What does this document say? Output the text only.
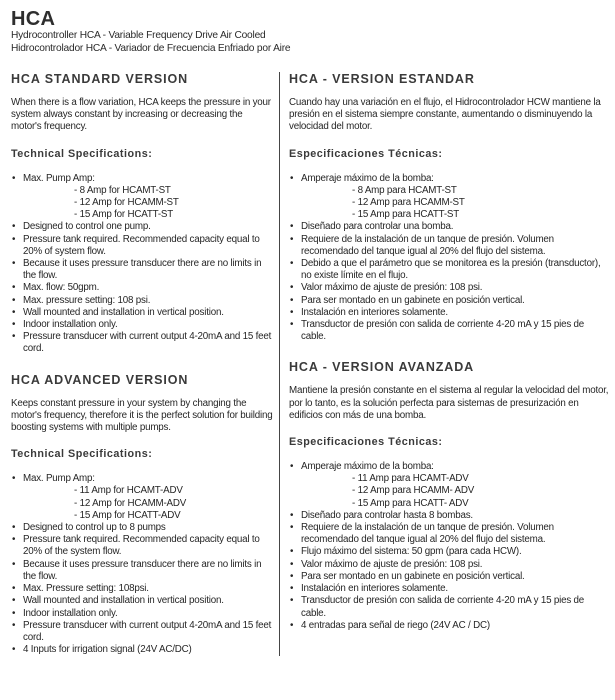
HCA
Hydrocontroller HCA - Variable Frequency Drive Air Cooled
Hidrocontrolador HCA - Variador de Frecuencia Enfriado por Aire
HCA STANDARD VERSION

When there is a flow variation, HCA keeps the pressure in your system always constant by increasing or decreasing the motor's frequency.

Technical Specifications:
• Max. Pump Amp:
- 8 Amp for HCAMT-ST
- 12 Amp for HCAMM-ST
- 15 Amp for HCATT-ST
• Designed to control one pump.
• Pressure tank required. Recommended capacity equal to 20% of system flow.
• Because it uses pressure transducer there are no limits in the flow.
• Max. flow: 50gpm.
• Max. pressure setting: 108 psi.
• Wall mounted and installation in vertical position.
• Indoor installation only.
• Pressure transducer with current output 4-20mA and 15 feet cord.
HCA ADVANCED VERSION

Keeps constant pressure in your system by changing the motor's frequency, therefore it is the perfect solution for building boosting systems with multiple pumps.

Technical Specifications:
• Max. Pump Amp:
- 11 Amp for HCAMT-ADV
- 12 Amp for HCAMM-ADV
- 15 Amp for HCATT-ADV
• Designed to control up to 8 pumps
• Pressure tank required. Recommended capacity equal to 20% of the system flow.
• Because it uses pressure transducer there are no limits in the flow.
• Max. Pressure setting: 108psi.
• Wall mounted and installation in vertical position.
• Indoor installation only.
• Pressure transducer with current output 4-20mA and 15 feet cord.
• 4 Inputs for irrigation signal (24V AC/DC)
HCA - VERSION ESTANDAR

Cuando hay una variación en el flujo, el Hidrocontrolador HCW mantiene la presión en el sistema siempre constante, aumentando o disminuyendo la velocidad del motor.

Especificaciones Técnicas:
• Amperaje máximo de la bomba:
- 8 Amp para HCAMT-ST
- 12 Amp para HCAMM-ST
- 15 Amp para HCATT-ST
• Diseñado para controlar una bomba.
• Requiere de la instalación de un tanque de presión. Volumen recomendado del tanque igual al 20% del flujo del sistema.
• Debido a que el parámetro que se monitorea es la presión (transductor), no existe límite en el flujo.
• Valor máximo de ajuste de presión: 108 psi.
• Para ser montado en un gabinete en posición vertical.
• Instalación en interiores solamente.
• Transductor de presión con salida de corriente 4-20 mA y 15 pies de cable.
HCA - VERSION AVANZADA

Mantiene la presión constante en el sistema al regular la velocidad del motor, por lo tanto, es la solución perfecta para sistemas de presurización en edificios con más de una bomba.

Especificaciones Técnicas:
• Amperaje máximo de la bomba:
- 11 Amp para HCAMT-ADV
- 12 Amp para HCAMM- ADV
- 15 Amp para HCATT- ADV
• Diseñado para controlar hasta 8 bombas.
• Requiere de la instalación de un tanque de presión. Volumen recomendado del tanque igual al 20% del flujo del sistema.
• Flujo máximo del sistema: 50 gpm (para cada HCW).
• Valor máximo de ajuste de presión: 108 psi.
• Para ser montado en un gabinete en posición vertical.
• Instalación en interiores solamente.
• Transductor de presión con salida de corriente 4-20 mA y 15 pies de cable.
• 4 entradas para señal de riego (24V AC / DC)
